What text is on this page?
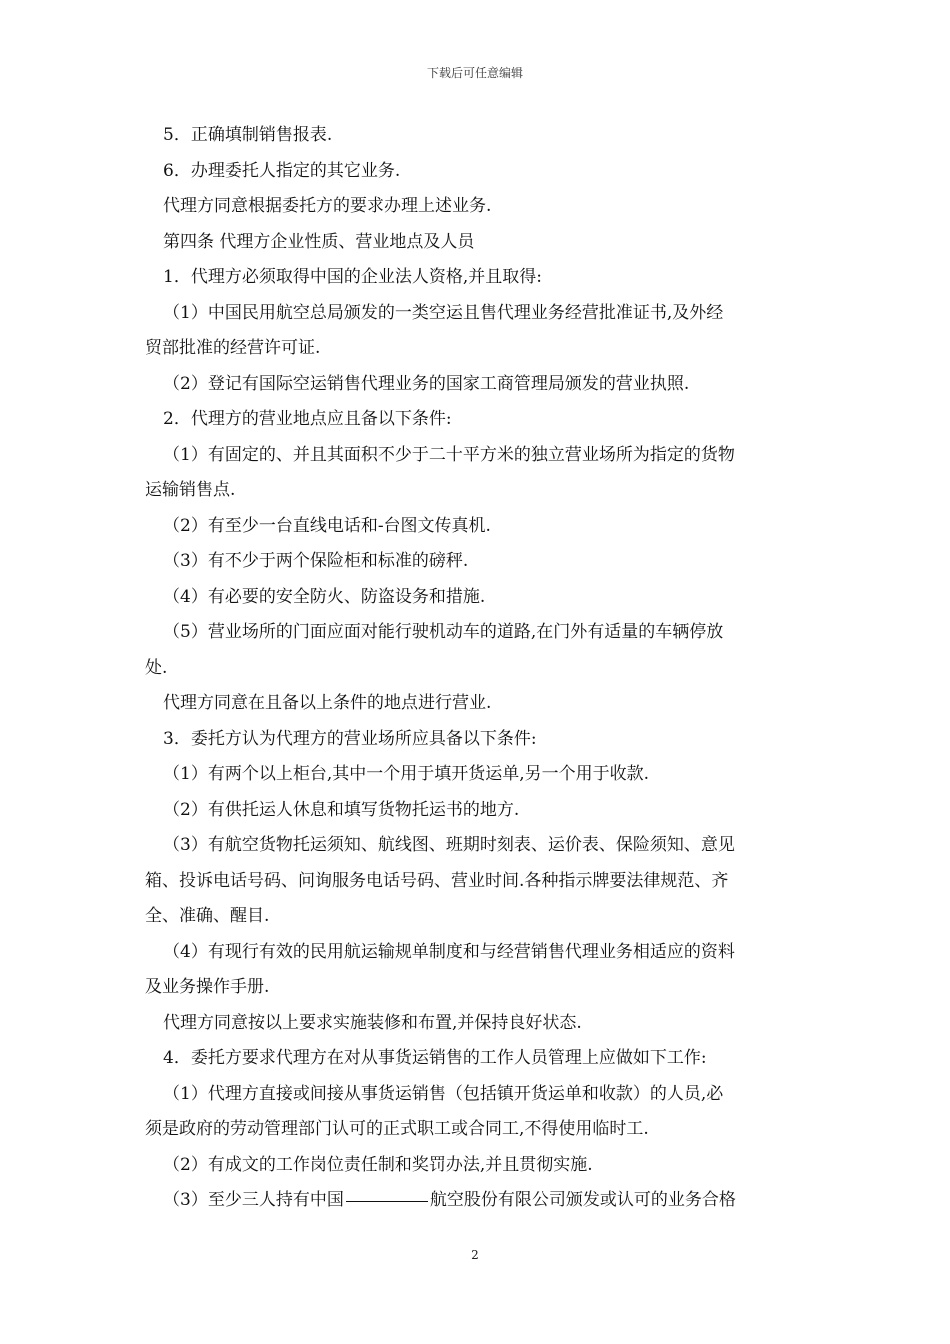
下载后可任意编辑
5．正确填制销售报表.
6．办理委托人指定的其它业务.
代理方同意根据委托方的要求办理上述业务.
第四条 代理方企业性质、营业地点及人员
1．代理方必须取得中国的企业法人资格,并且取得:
（1）中国民用航空总局颁发的一类空运且售代理业务经营批准证书,及外经
贸部批准的经营许可证.
（2）登记有国际空运销售代理业务的国家工商管理局颁发的营业执照.
2．代理方的营业地点应且备以下条件:
（1）有固定的、并且其面积不少于二十平方米的独立营业场所为指定的货物
运输销售点.
（2）有至少一台直线电话和-台图文传真机.
（3）有不少于两个保险柜和标准的磅秤.
（4）有必要的安全防火、防盗设务和措施.
（5）营业场所的门面应面对能行驶机动车的道路,在门外有适量的车辆停放
处.
代理方同意在且备以上条件的地点进行营业.
3．委托方认为代理方的营业场所应具备以下条件:
（1）有两个以上柜台,其中一个用于填开货运单,另一个用于收款.
（2）有供托运人休息和填写货物托运书的地方.
（3）有航空货物托运须知、航线图、班期时刻表、运价表、保险须知、意见
箱、投诉电话号码、问询服务电话号码、营业时间.各种指示牌要法律规范、齐
全、准确、醒目.
（4）有现行有效的民用航运输规单制度和与经营销售代理业务相适应的资料
及业务操作手册.
代理方同意按以上要求实施装修和布置,并保持良好状态.
4．委托方要求代理方在对从事货运销售的工作人员管理上应做如下工作:
（1）代理方直接或间接从事货运销售（包括镇开货运单和收款）的人员,必
须是政府的劳动管理部门认可的正式职工或合同工,不得使用临时工.
（2）有成文的工作岗位责任制和奖罚办法,并且贯彻实施.
（3）至少三人持有中国	航空股份有限公司颁发或认可的业务合格
2
